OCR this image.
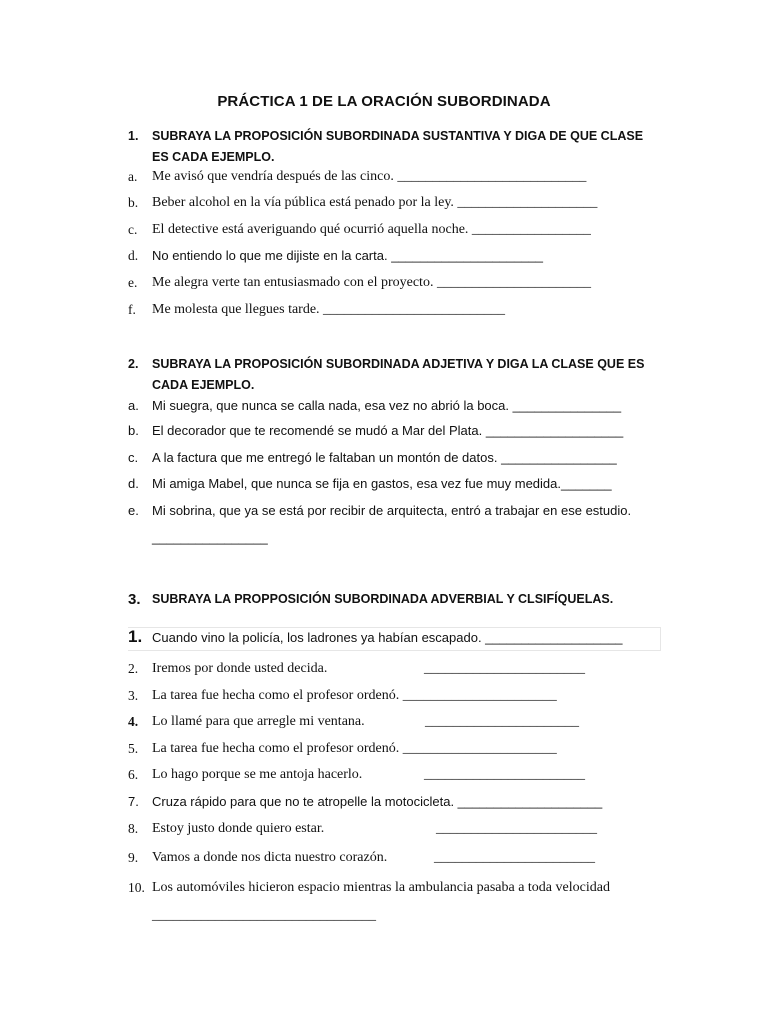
PRÁCTICA 1 DE LA ORACIÓN SUBORDINADA
1. SUBRAYA LA PROPOSICIÓN SUBORDINADA SUSTANTIVA Y DIGA DE QUE CLASE ES CADA EJEMPLO.
a. Me avisó que vendría después de las cinco. ___________________________
b. Beber alcohol en la vía pública está penado por la ley. ____________________
c. El detective está averiguando qué ocurrió aquella noche. _________________
d. No entiendo lo que me dijiste en la carta. _____________________
e. Me alegra verte tan entusiasmado con el proyecto. ______________________
f. Me molesta que llegues tarde. __________________________
2. SUBRAYA LA PROPOSICIÓN SUBORDINADA ADJETIVA Y DIGA LA CLASE QUE ES CADA EJEMPLO.
a. Mi suegra, que nunca se calla nada, esa vez no abrió la boca. _______________
b. El decorador que te recomendé se mudó a Mar del Plata. ___________________
c. A la factura que me entregó le faltaban un montón de datos. ________________
d. Mi amiga Mabel, que nunca se fija en gastos, esa vez fue muy medida._______
e. Mi sobrina, que ya se está por recibir de arquitecta, entró a trabajar en ese estudio.
________________
3. SUBRAYA LA PROPPOSICIÓN SUBORDINADA ADVERBIAL Y CLSIFÍQUELAS.
1. Cuando vino la policía, los ladrones ya habían escapado. ___________________
2. Iremos por donde usted decida.	_______________________
3. La tarea fue hecha como el profesor ordenó. ______________________
4. Lo llamé para que arregle mi ventana.	______________________
5. La tarea fue hecha como el profesor ordenó. ______________________
6. Lo hago porque se me antoja hacerlo.	_______________________
7. Cruza rápido para que no te atropelle la motocicleta. ____________________
8. Estoy justo donde quiero estar.	_______________________
9. Vamos a donde nos dicta nuestro corazón.	_______________________
10. Los automóviles hicieron espacio mientras la ambulancia pasaba a toda velocidad
________________________________
